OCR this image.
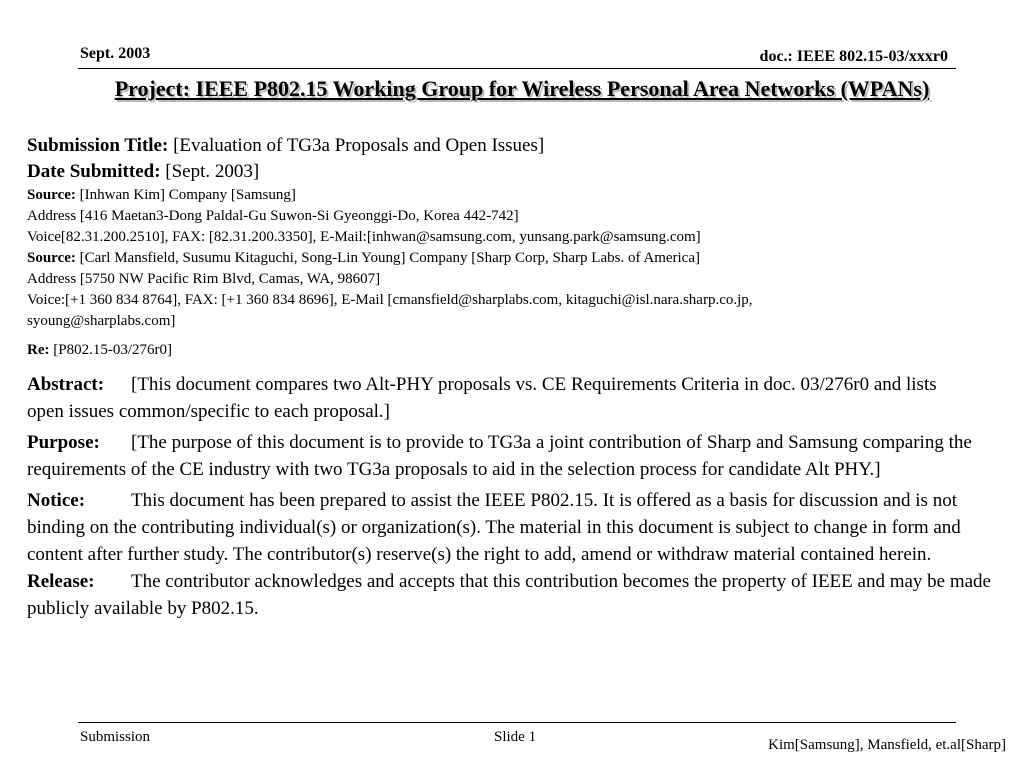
Sept. 2003	doc.: IEEE 802.15-03/xxxr0
Project: IEEE P802.15 Working Group for Wireless Personal Area Networks (WPANs)
Submission Title: [Evaluation of TG3a Proposals and Open Issues]
Date Submitted: [Sept. 2003]
Source: [Inhwan Kim] Company [Samsung]
Address [416 Maetan3-Dong Paldal-Gu Suwon-Si Gyeonggi-Do, Korea 442-742]
Voice[82.31.200.2510], FAX: [82.31.200.3350], E-Mail:[inhwan@samsung.com, yunsang.park@samsung.com]
Source: [Carl Mansfield, Susumu Kitaguchi, Song-Lin Young] Company [Sharp Corp, Sharp Labs. of America]
Address [5750 NW Pacific Rim Blvd, Camas, WA, 98607]
Voice:[+1 360 834 8764], FAX: [+1 360 834 8696], E-Mail [cmansfield@sharplabs.com, kitaguchi@isl.nara.sharp.co.jp, syoung@sharplabs.com]
Re: [P802.15-03/276r0]
Abstract: [This document compares two Alt-PHY proposals vs. CE Requirements Criteria in doc. 03/276r0 and lists open issues common/specific to each proposal.]
Purpose: [The purpose of this document is to provide to TG3a a joint contribution of Sharp and Samsung comparing the requirements of the CE industry with two TG3a proposals to aid in the selection process for candidate Alt PHY.]
Notice: This document has been prepared to assist the IEEE P802.15. It is offered as a basis for discussion and is not binding on the contributing individual(s) or organization(s). The material in this document is subject to change in form and content after further study. The contributor(s) reserve(s) the right to add, amend or withdraw material contained herein.
Release: The contributor acknowledges and accepts that this contribution becomes the property of IEEE and may be made publicly available by P802.15.
Submission	Slide 1	Kim[Samsung], Mansfield, et.al[Sharp]
